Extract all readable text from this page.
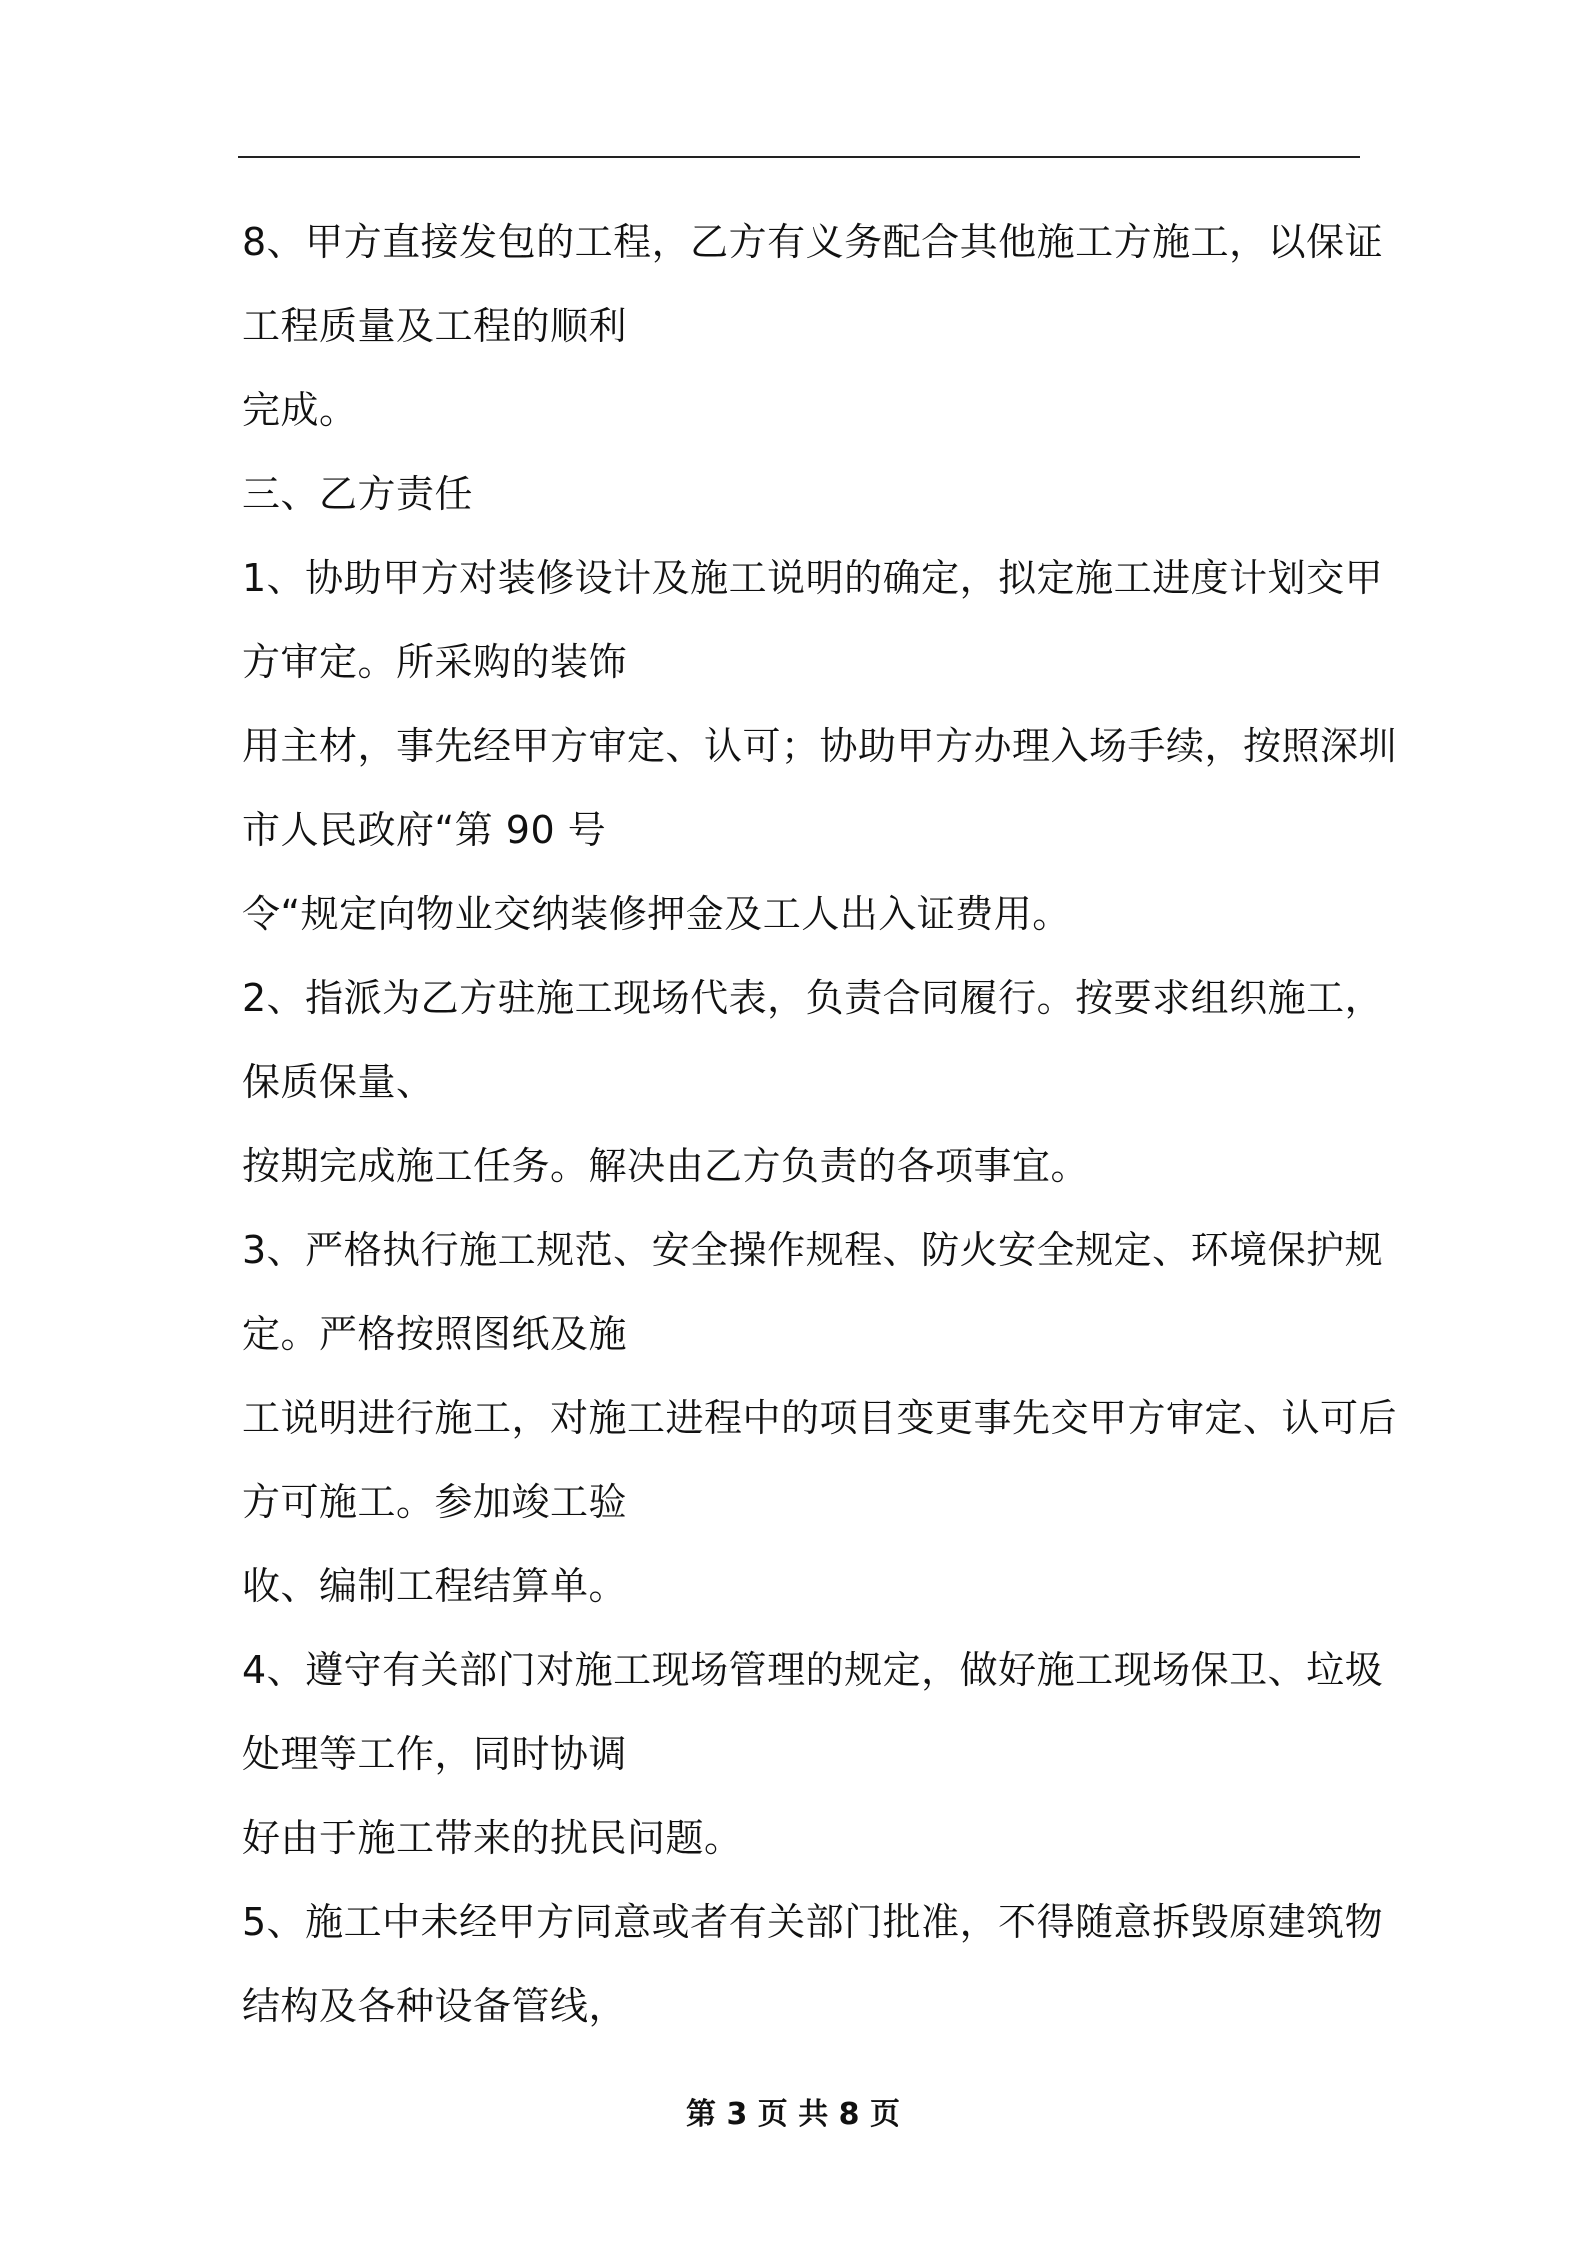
8、甲方直接发包的工程，乙方有义务配合其他施工方施工，以保证
工程质量及工程的顺利
完成。
三、乙方责任
1、协助甲方对装修设计及施工说明的确定，拟定施工进度计划交甲
方审定。所采购的装饰
用主材，事先经甲方审定、认可；协助甲方办理入场手续，按照深圳
市人民政府“第 90 号
令“规定向物业交纳装修押金及工人出入证费用。
2、指派为乙方驻施工现场代表，负责合同履行。按要求组织施工，
保质保量、
按期完成施工任务。解决由乙方负责的各项事宜。
3、严格执行施工规范、安全操作规程、防火安全规定、环境保护规
定。严格按照图纸及施
工说明进行施工，对施工进程中的项目变更事先交甲方审定、认可后
方可施工。参加竣工验
收、编制工程结算单。
4、遵守有关部门对施工现场管理的规定，做好施工现场保卫、垃圾
处理等工作，同时协调
好由于施工带来的扰民问题。
5、施工中未经甲方同意或者有关部门批准，不得随意拆毁原建筑物
结构及各种设备管线，
第 3 页 共 8 页
